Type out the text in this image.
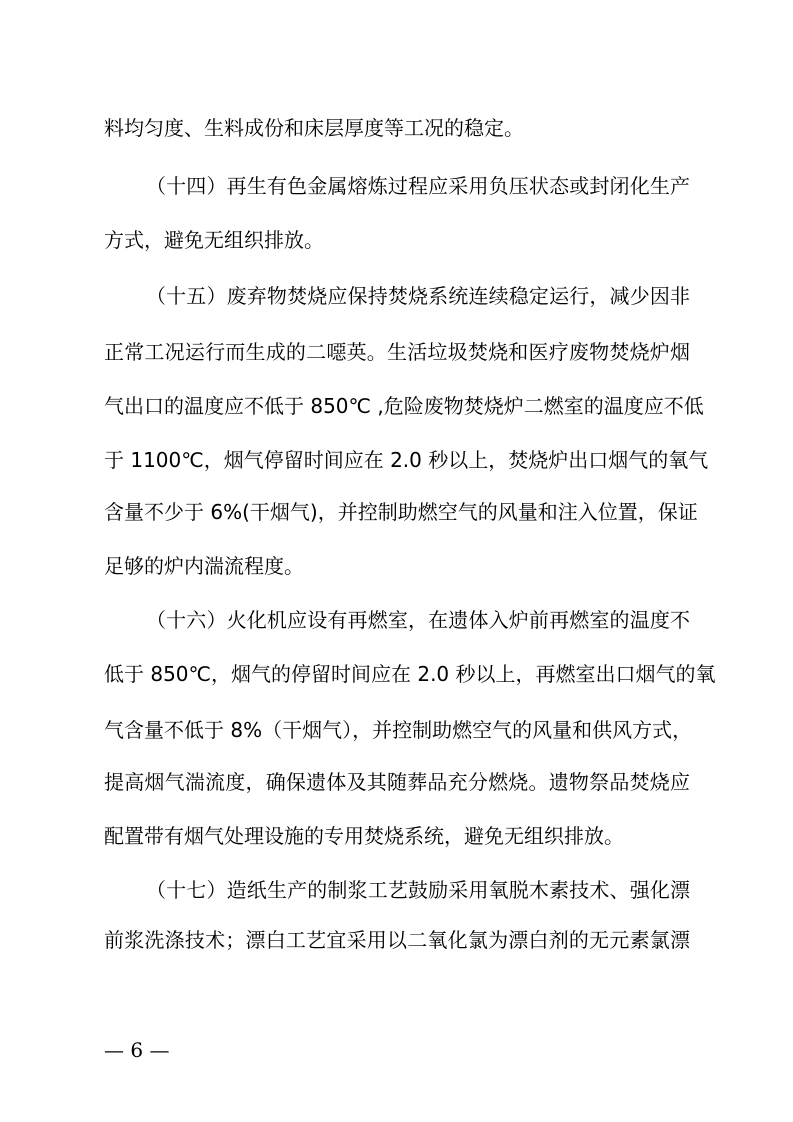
料均匀度、生料成份和床层厚度等工况的稳定。

（十四）再生有色金属熔炼过程应采用负压状态或封闭化生产

方式，避免无组织排放。

（十五）废弃物焚烧应保持焚烧系统连续稳定运行，减少因非

正常工况运行而生成的二噁英。生活垃圾焚烧和医疗废物焚烧炉烟

气出口的温度应不低于 850℃ ,危险废物焚烧炉二燃室的温度应不低

于 1100℃，烟气停留时间应在 2.0 秒以上，焚烧炉出口烟气的氧气

含量不少于 6%(干烟气)，并控制助燃空气的风量和注入位置，保证

足够的炉内湍流程度。

（十六）火化机应设有再燃室，在遗体入炉前再燃室的温度不

低于 850℃，烟气的停留时间应在 2.0 秒以上，再燃室出口烟气的氧

气含量不低于 8%（干烟气），并控制助燃空气的风量和供风方式，

提高烟气湍流度，确保遗体及其随葬品充分燃烧。遗物祭品焚烧应

配置带有烟气处理设施的专用焚烧系统，避免无组织排放。

（十七）造纸生产的制浆工艺鼓励采用氧脱木素技术、强化漂

前浆洗涤技术；漂白工艺宜采用以二氧化氯为漂白剂的无元素氯漂

— 6 —
